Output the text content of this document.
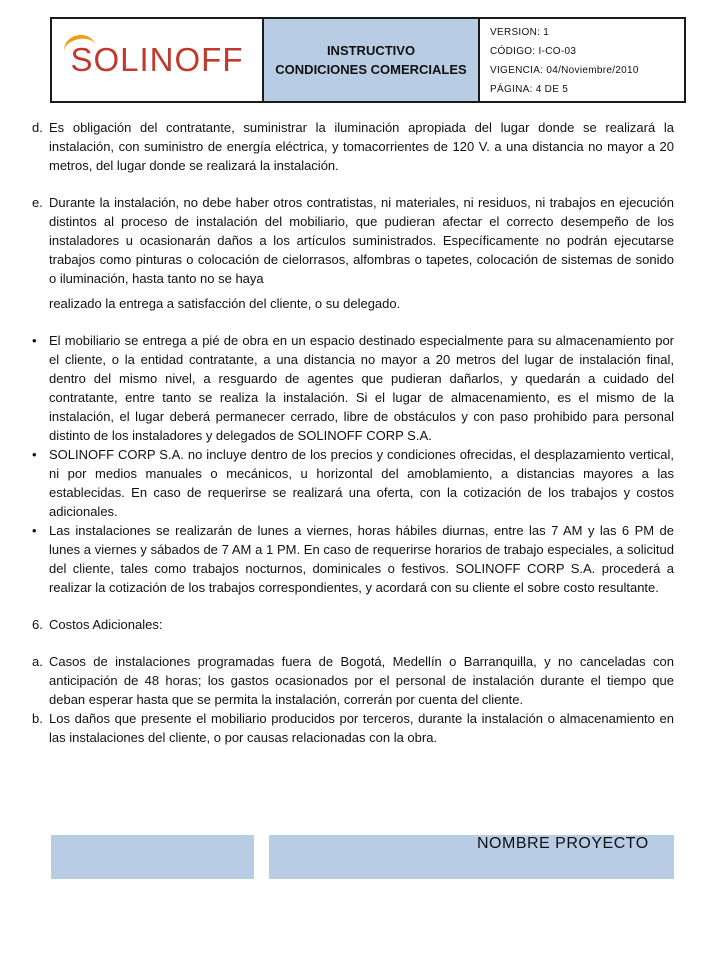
SOLINOFF	INSTRUCTIVO
CONDICIONES COMERCIALES
VERSION: 1
CÓDIGO: I-CO-03
VIGENCIA: 04/Noviembre/2010
PÁGINA: 4 DE 5
d. Es obligación del contratante, suministrar la iluminación apropiada del lugar donde se realizará la instalación, con suministro de energía eléctrica, y tomacorrientes de 120 V. a una distancia no mayor a 20 metros, del lugar donde se realizará la instalación.
e. Durante la instalación, no debe haber otros contratistas, ni materiales, ni residuos, ni trabajos en ejecución distintos al proceso de instalación del mobiliario, que pudieran afectar el correcto desempeño de los instaladores u ocasionarán daños a los artículos suministrados. Específicamente no podrán ejecutarse trabajos como pinturas o colocación de cielorrasos, alfombras o tapetes, colocación de sistemas de sonido o iluminación, hasta tanto no se haya
realizado la entrega a satisfacción del cliente, o su delegado.
• El mobiliario se entrega a pié de obra en un espacio destinado especialmente para su almacenamiento por el cliente, o la entidad contratante, a una distancia no mayor a 20 metros del lugar de instalación final, dentro del mismo nivel, a resguardo de agentes que pudieran dañarlos, y quedarán a cuidado del contratante, entre tanto se realiza la instalación. Si el lugar de almacenamiento, es el mismo de la instalación, el lugar deberá permanecer cerrado, libre de obstáculos y con paso prohibido para personal distinto de los instaladores y delegados de SOLINOFF CORP S.A.
• SOLINOFF CORP S.A. no incluye dentro de los precios y condiciones ofrecidas, el desplazamiento vertical, ni por medios manuales o mecánicos, u horizontal del amoblamiento, a distancias mayores a las establecidas. En caso de requerirse se realizará una oferta, con la cotización de los trabajos y costos adicionales.
• Las instalaciones se realizarán de lunes a viernes, horas hábiles diurnas, entre las 7 AM y las 6 PM de lunes a viernes y sábados de 7 AM a 1 PM. En caso de requerirse horarios de trabajo especiales, a solicitud del cliente, tales como trabajos nocturnos, dominicales o festivos. SOLINOFF CORP S.A. procederá a realizar la cotización de los trabajos correspondientes, y acordará con su cliente el sobre costo resultante.
6. Costos Adicionales:
a. Casos de instalaciones programadas fuera de Bogotá, Medellín o Barranquilla, y no canceladas con anticipación de 48 horas; los gastos ocasionados por el personal de instalación durante el tiempo que deban esperar hasta que se permita la instalación, correrán por cuenta del cliente.
b. Los daños que presente el mobiliario producidos por terceros, durante la instalación o almacenamiento en las instalaciones del cliente, o por causas relacionadas con la obra.
NOMBRE PROYECTO
